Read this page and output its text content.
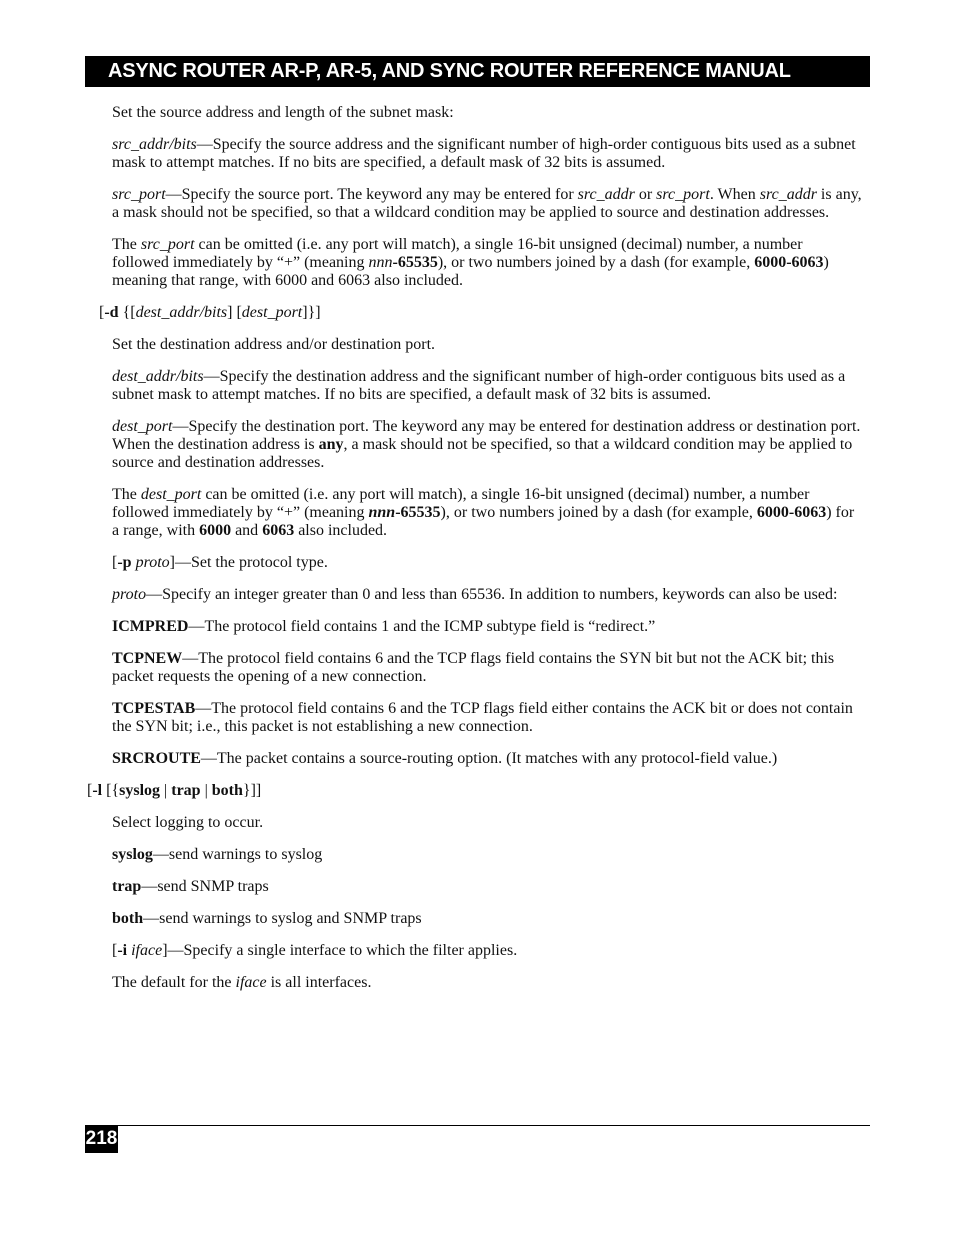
ASYNC ROUTER AR-P, AR-5, AND SYNC ROUTER REFERENCE MANUAL

Set the source address and length of the subnet mask:

src_addr/bits—Specify the source address and the significant number of high-order contiguous bits used as a subnet mask to attempt matches. If no bits are specified, a default mask of 32 bits is assumed.

src_port—Specify the source port. The keyword any may be entered for src_addr or src_port. When src_addr is any, a mask should not be specified, so that a wildcard condition may be applied to source and destination addresses.

The src_port can be omitted (i.e. any port will match), a single 16-bit unsigned (decimal) number, a number followed immediately by “+” (meaning nnn-65535), or two numbers joined by a dash (for example, 6000-6063) meaning that range, with 6000 and 6063 also included.

[-d {[dest_addr/bits] [dest_port]}]

Set the destination address and/or destination port.

dest_addr/bits—Specify the destination address and the significant number of high-order contiguous bits used as a subnet mask to attempt matches. If no bits are specified, a default mask of 32 bits is assumed.

dest_port—Specify the destination port. The keyword any may be entered for destination address or destination port. When the destination address is any, a mask should not be specified, so that a wildcard condition may be applied to source and destination addresses.

The dest_port can be omitted (i.e. any port will match), a single 16-bit unsigned (decimal) number, a number followed immediately by “+” (meaning nnn-65535), or two numbers joined by a dash (for example, 6000-6063) for a range, with 6000 and 6063 also included.

[-p proto]—Set the protocol type.

proto—Specify an integer greater than 0 and less than 65536. In addition to numbers, keywords can also be used:

ICMPRED—The protocol field contains 1 and the ICMP subtype field is “redirect.”

TCPNEW—The protocol field contains 6 and the TCP flags field contains the SYN bit but not the ACK bit; this packet requests the opening of a new connection.

TCPESTAB—The protocol field contains 6 and the TCP flags field either contains the ACK bit or does not contain the SYN bit; i.e., this packet is not establishing a new connection.

SRCROUTE—The packet contains a source-routing option. (It matches with any protocol-field value.)

[-l [{syslog | trap | both}]]

Select logging to occur.

syslog—send warnings to syslog

trap—send SNMP traps

both—send warnings to syslog and SNMP traps

[-i iface]—Specify a single interface to which the filter applies.

The default for the iface is all interfaces.

218
